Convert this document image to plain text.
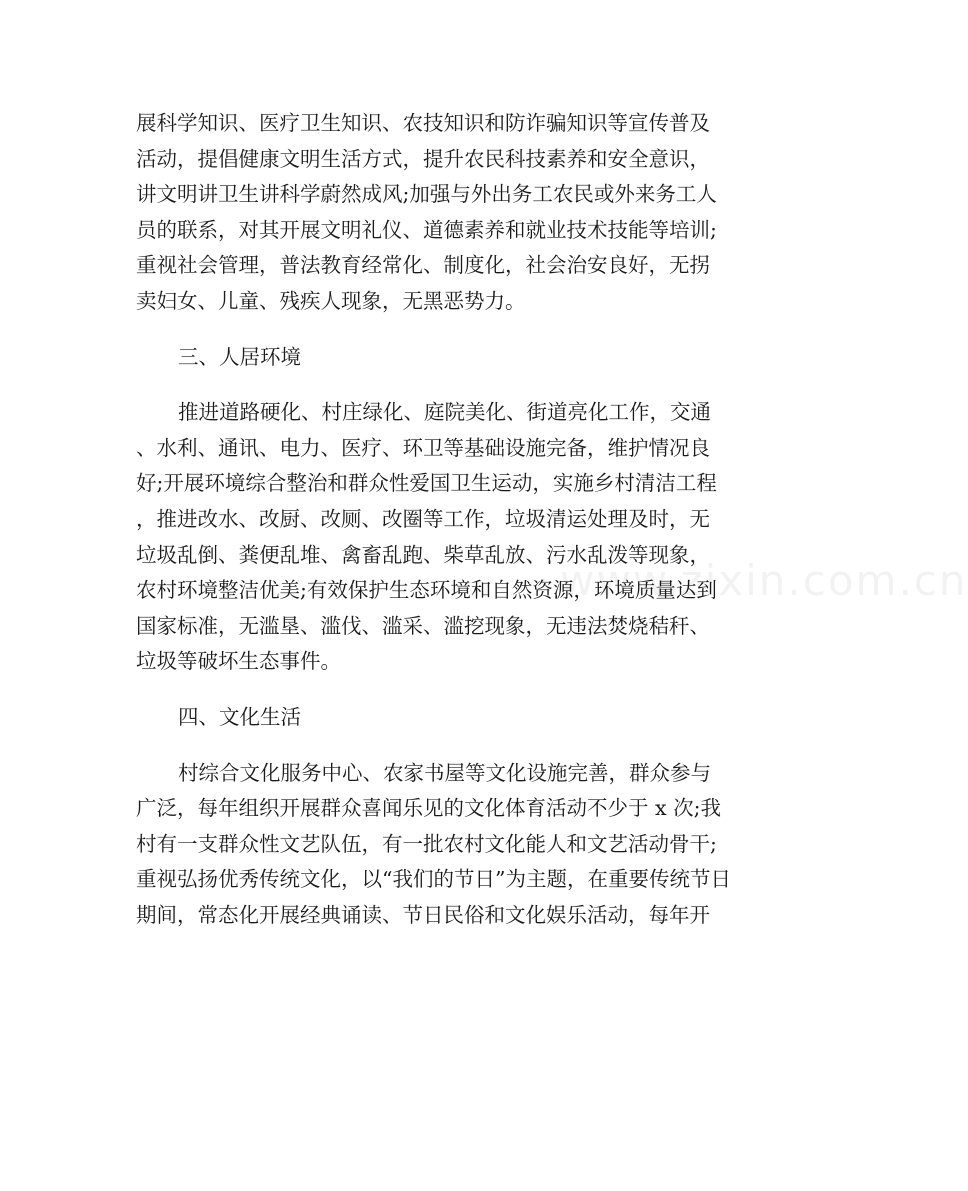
www.zixin.com.cn
展科学知识、医疗卫生知识、农技知识和防诈骗知识等宣传普及
活动，提倡健康文明生活方式，提升农民科技素养和安全意识，
讲文明讲卫生讲科学蔚然成风;加强与外出务工农民或外来务工人
员的联系，对其开展文明礼仪、道德素养和就业技术技能等培训;
重视社会管理，普法教育经常化、制度化，社会治安良好，无拐
卖妇女、儿童、残疾人现象，无黑恶势力。
三、人居环境
推进道路硬化、村庄绿化、庭院美化、街道亮化工作，交通
、水利、通讯、电力、医疗、环卫等基础设施完备，维护情况良
好;开展环境综合整治和群众性爱国卫生运动，实施乡村清洁工程
，推进改水、改厨、改厕、改圈等工作，垃圾清运处理及时，无
垃圾乱倒、粪便乱堆、禽畜乱跑、柴草乱放、污水乱泼等现象，
农村环境整洁优美;有效保护生态环境和自然资源，环境质量达到
国家标准，无滥垦、滥伐、滥采、滥挖现象，无违法焚烧秸秆、
垃圾等破坏生态事件。
四、文化生活
村综合文化服务中心、农家书屋等文化设施完善，群众参与
广泛，每年组织开展群众喜闻乐见的文化体育活动不少于 x 次;我
村有一支群众性文艺队伍，有一批农村文化能人和文艺活动骨干;
重视弘扬优秀传统文化，以“我们的节日”为主题，在重要传统节日
期间，常态化开展经典诵读、节日民俗和文化娱乐活动，每年开
